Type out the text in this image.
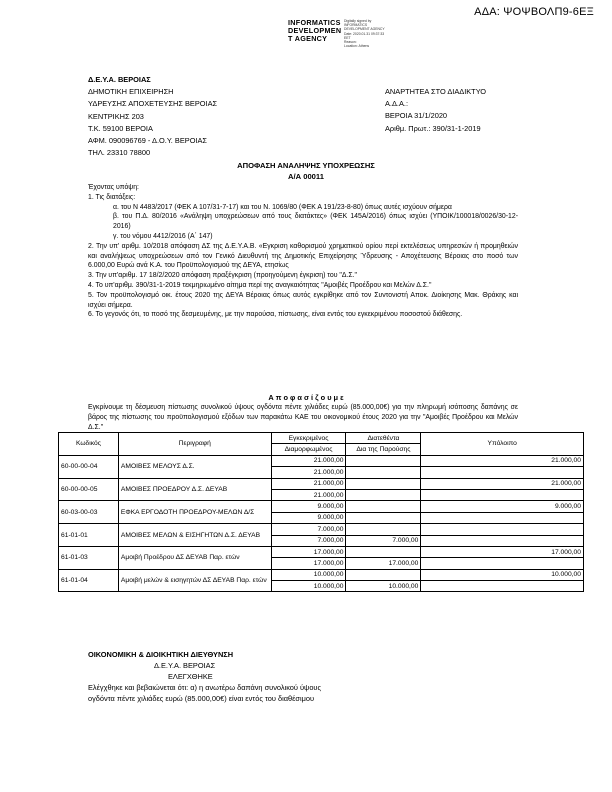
ΑΔΑ: ΨΟΨΒΟΛΠ9-6ΕΞ
INFORMATICS
DEVELOPMEN
T AGENCY
Digitally signed by
INFORMATICS
DEVELOPMENT AGENCY
Date: 2020.01.31 09:37:33
EET
Reason:
Location: Athens
Δ.Ε.Υ.Α. ΒΕΡΟΙΑΣ
ΔΗΜΟΤΙΚΗ ΕΠΙΧΕΙΡΗΣΗ
ΥΔΡΕΥΣΗΣ ΑΠΟΧΕΤΕΥΣΗΣ ΒΕΡΟΙΑΣ
ΚΕΝΤΡΙΚΗΣ 203
Τ.Κ. 59100 ΒΕΡΟΙΑ
ΑΦΜ. 090096769 - Δ.Ο.Υ. ΒΕΡΟΙΑΣ
ΤΗΛ. 23310 78800
ΑΝΑΡΤΗΤΕΑ ΣΤΟ ΔΙΑΔΙΚΤΥΟ
Α.Δ.Α.:
ΒΕΡΟΙΑ 31/1/2020
Αριθμ. Πρωτ.: 390/31-1-2019
ΑΠΟΦΑΣΗ ΑΝΑΛΗΨΗΣ ΥΠΟΧΡΕΩΣΗΣ
Α/Α 00011

Έχοντας υπόψη:

1. Τις διατάξεις:

α. του Ν 4483/2017 (ΦΕΚ Α 107/31-7-17) και του Ν. 1069/80 (ΦΕΚ Α 191/23-8-80) όπως αυτές ισχύουν σήμερα

β. του Π.Δ. 80/2016 «Ανάληψη υποχρεώσεων από τους διατάκτες» (ΦΕΚ 145Α/2016) όπως ισχύει (ΥΠΟΙΚ/100018/0026/30-12-2016)

γ. του νόμου 4412/2016 (Α΄ 147)

2. Την υπ' αριθμ. 10/2018 απόφαση ΔΣ της Δ.Ε.Υ.Α.Β. «Εγκριση καθορισμού χρηματικού ορίου περί εκτελέσεως υπηρεσιών ή προμηθειών και αναλήψεως υποχρεώσεων από τον Γενικό Διευθυντή της Δημοτικής Επιχείρησης Ύδρευσης - Αποχέτευσης Βέροιας στο ποσό των 6.000,00 Ευρώ ανά Κ.Α. του Προϋπολογισμού της ΔΕΥΑ, ετησίως

3. Την υπ'αριθμ. 17 18/2/2020 απόφαση πραξέγκριση (προηγούμενη έγκριση) του "Δ.Σ."

4. Το υπ'αριθμ. 390/31-1-2019 τεκμηριωμένο αίτημα περί της αναγκαιότητας "Αμοιβές Προέδρου και Μελών Δ.Σ."

5. Τον προϋπολογισμό οικ. έτους 2020 της ΔΕΥΑ Βέροιας όπως αυτός εγκρίθηκε από τον Συντονιστή Αποκ. Διοίκησης Μακ. Θράκης και ισχύει σήμερα.

6. Το γεγονός ότι, το ποσό της δεσμευμένης, με την παρούσα, πίστωσης, είναι εντός του εγκεκριμένου ποσοστού διάθεσης.

Α π ο φ α σ ί ζ ο υ μ ε
Εγκρίνουμε τη δέσμευση πίστωσης συνολικού ύψους ογδόντα πέντε χιλιάδες ευρώ (85.000,00€) για την πληρωμή ισόποσης δαπάνης σε βάρος της πίστωσης του προϋπολογισμού εξόδων των παρακάτω ΚΑΕ του οικονομικού έτους 2020 για την "Αμοιβές Προέδρου και Μελών Δ.Σ."
Κωδικός	Περιγραφή	Εγκεκριμένος	Διατεθέντα	Υπόλοιπο
		Διαμορφωμένος	Δια της Παρούσης	
60-00-00-04	ΑΜΟΙΒΕΣ ΜΕΛΟΥΣ Δ.Σ.	21.000,00		21.000,00
		21.000,00		
60-00-00-05	ΑΜΟΙΒΕΣ ΠΡΟΕΔΡΟΥ Δ.Σ. ΔΕΥΑΒ	21.000,00		21.000,00
		21.000,00		
60-03-00-03	ΕΦΚΑ ΕΡΓΟΔΟΤΗ ΠΡΟΕΔΡΟΥ-ΜΕΛΩΝ Δ/Σ	9.000,00		9.000,00
		9.000,00		
61-01-01	ΑΜΟΙΒΕΣ ΜΕΛΩΝ & ΕΙΣΗΓΗΤΩΝ Δ.Σ. ΔΕΥΑΒ	7.000,00		
		7.000,00	7.000,00	
61-01-03	Αμοιβή Προέδρου ΔΣ ΔΕΥΑΒ Παρ. ετών	17.000,00		17.000,00
		17.000,00	17.000,00	
61-01-04	Αμοιβή μελών & εισηγητών ΔΣ ΔΕΥΑΒ Παρ. ετών	10.000,00		10.000,00
		10.000,00	10.000,00	
ΟΙΚΟΝΟΜΙΚΗ & ΔΙΟΙΚΗΤΙΚΗ ΔΙΕΥΘΥΝΣΗ
Δ.Ε.Υ.Α. ΒΕΡΟΙΑΣ
ΕΛΕΓΧΘΗΚΕ
Ελέγχθηκε και βεβαιώνεται ότι: α) η ανωτέρω δαπάνη συνολικού ύψους
ογδόντα πέντε χιλιάδες ευρώ (85.000,00€) είναι εντός του διαθέσιμου
